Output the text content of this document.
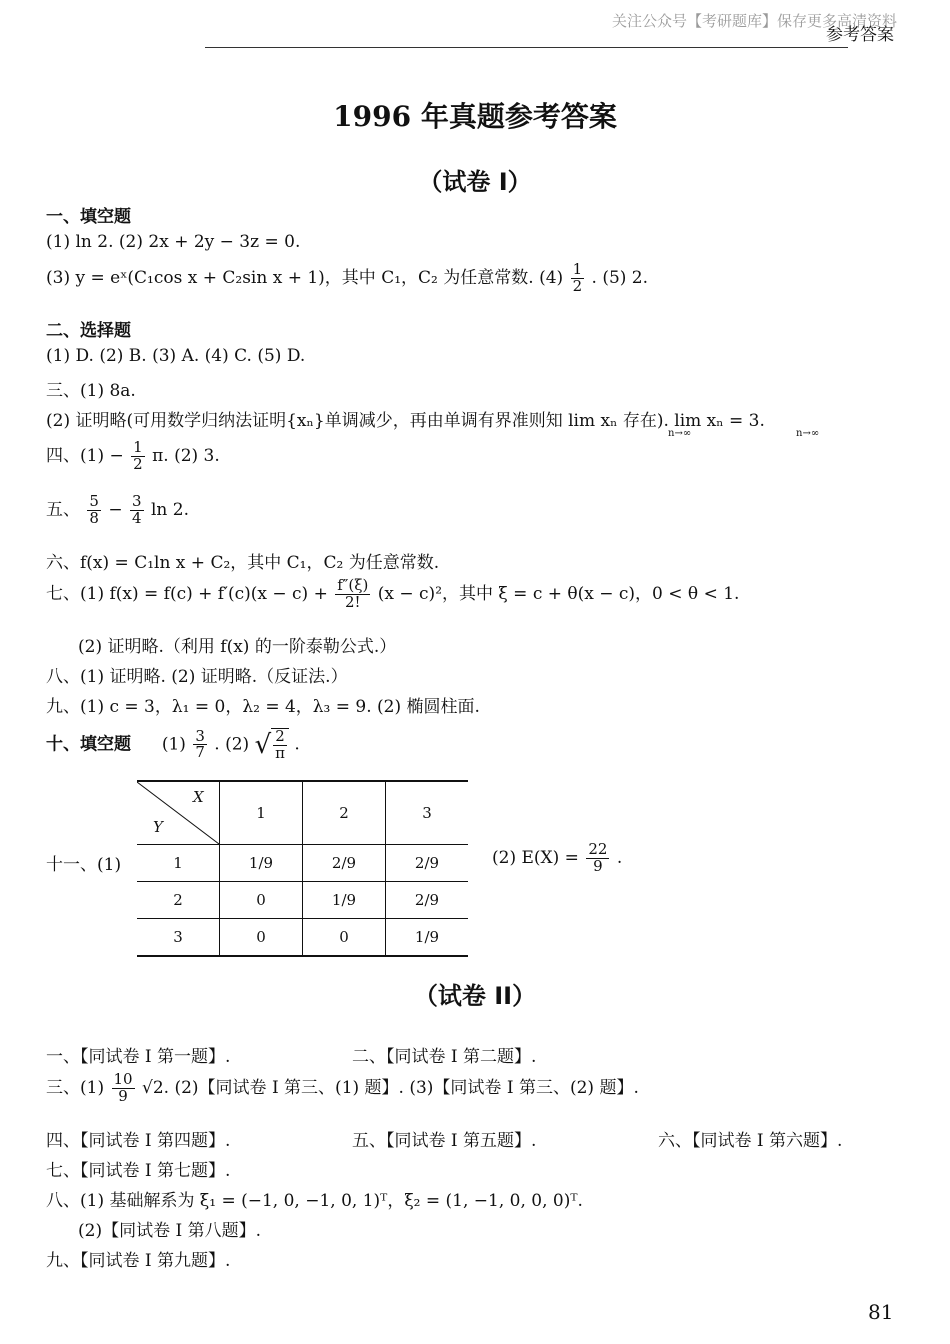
关注公众号【考研题库】保存更多高清资料
参考答案
1996 年真题参考答案
（试卷 Ⅰ）
一、填空题
(1) ln 2. (2) 2x + 2y − 3z = 0.
(3) y = eˣ(C₁cos x + C₂sin x + 1)，其中 C₁，C₂ 为任意常数. $(4) \frac{1}{2}$ . (5) 2.
二、选择题
(1) D. (2) B. (3) A. (4) C. (5) D.
三、(1) 8a.
(2) 证明略(可用数学归纳法证明{xₙ}单调减少，再由单调有界准则知 lim xₙ 存在). lim xₙ = 3.
n→∞	n→∞
四、$(1) - \frac{1}{2} \pi$. (2) 3.
五、 $\frac{5}{8} - \frac{3}{4}$ ln 2.
六、f(x) = C₁ln x + C₂，其中 C₁，C₂ 为任意常数.
七、(1) $f(x) = f(c) + f'(c)(x - c) + \frac{f''(\xi)}{2!} (x - c)^2$，其中 ξ = c + θ(x − c)，0 < θ < 1.
(2) 证明略.（利用 f(x) 的一阶泰勒公式.）
八、(1) 证明略. (2) 证明略.（反证法.）
九、(1) c = 3，λ₁ = 0，λ₂ = 4，λ₃ = 9. (2) 椭圆柱面.
十、填空题 $(1) \frac{3}{7}$ . (2) √ $\frac{2}{\pi}$ .
十一、(1)
X
Y	1	2	3
1	1/9	2/9	2/9
2	0	1/9	2/9
3	0	0	1/9
(2) $E(X) = \frac{22}{9}$ .
（试卷 ⅠⅠ）
一、【同试卷 Ⅰ 第一题】.	二、【同试卷 Ⅰ 第二题】.
三、$(1) \frac{10}{9} √2$. (2)【同试卷 Ⅰ 第三、(1) 题】. (3)【同试卷 Ⅰ 第三、(2) 题】.
四、【同试卷 Ⅰ 第四题】.	五、【同试卷 Ⅰ 第五题】.	六、【同试卷 Ⅰ 第六题】.
七、【同试卷 Ⅰ 第七题】.
八、(1) 基础解系为 ξ₁ = (−1, 0, −1, 0, 1)ᵀ，ξ₂ = (1, −1, 0, 0, 0)ᵀ.
(2)【同试卷 Ⅰ 第八题】.
九、【同试卷 Ⅰ 第九题】.
81
